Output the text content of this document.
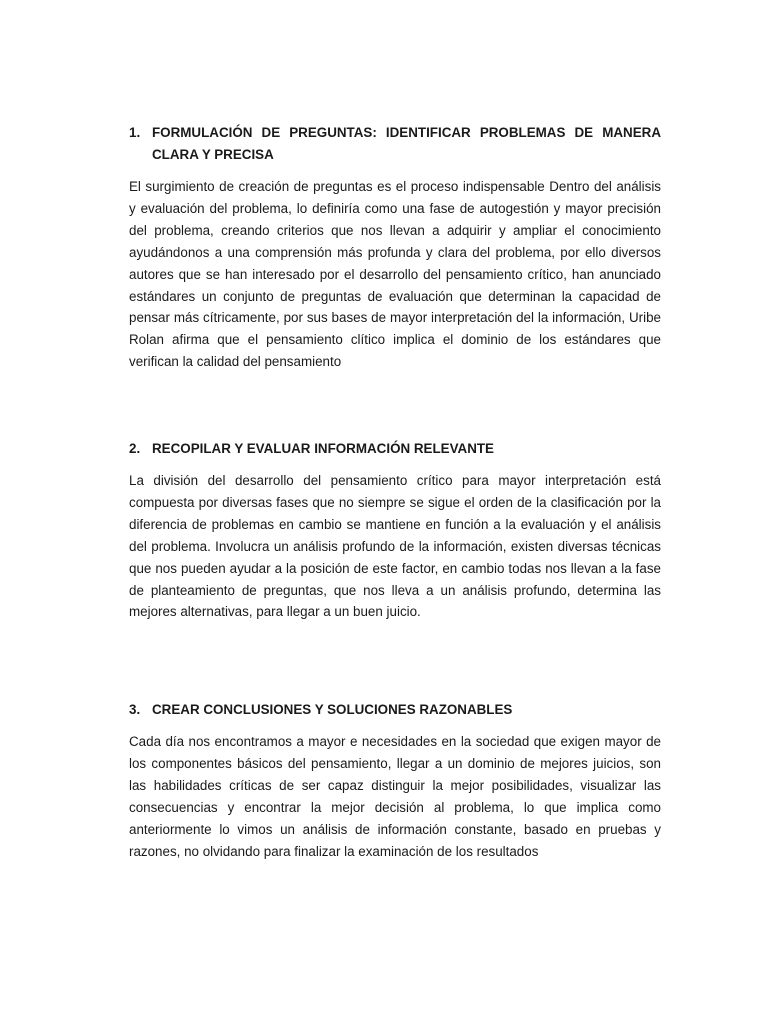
1. FORMULACIÓN DE PREGUNTAS: IDENTIFICAR PROBLEMAS DE MANERA CLARA Y PRECISA

El surgimiento de creación de preguntas es el proceso indispensable Dentro del análisis y evaluación del problema, lo definiría como una fase de autogestión y mayor precisión del problema, creando criterios que nos llevan a adquirir y ampliar el conocimiento ayudándonos a una comprensión más profunda y clara del problema, por ello diversos autores que se han interesado por el desarrollo del pensamiento crítico, han anunciado estándares un conjunto de preguntas de evaluación que determinan la capacidad de pensar más cítricamente, por sus bases de mayor interpretación del la información, Uribe Rolan afirma que el pensamiento clítico implica el dominio de los estándares que verifican la calidad del pensamiento

2. RECOPILAR Y EVALUAR INFORMACIÓN RELEVANTE

La división del desarrollo del pensamiento crítico para mayor interpretación está compuesta por diversas fases que no siempre se sigue el orden de la clasificación por la diferencia de problemas en cambio se mantiene en función a la evaluación y el análisis del problema. Involucra un análisis profundo de la información, existen diversas técnicas que nos pueden ayudar a la posición de este factor, en cambio todas nos llevan a la fase de planteamiento de preguntas, que nos lleva a un análisis profundo, determina las mejores alternativas, para llegar a un buen juicio.

3. CREAR CONCLUSIONES Y SOLUCIONES RAZONABLES

Cada día nos encontramos a mayor e necesidades en la sociedad que exigen mayor de los componentes básicos del pensamiento, llegar a un dominio de mejores juicios, son las habilidades críticas de ser capaz distinguir la mejor posibilidades, visualizar las consecuencias y encontrar la mejor decisión al problema, lo que implica como anteriormente lo vimos un análisis de información constante, basado en pruebas y razones, no olvidando para finalizar la examinación de los resultados
